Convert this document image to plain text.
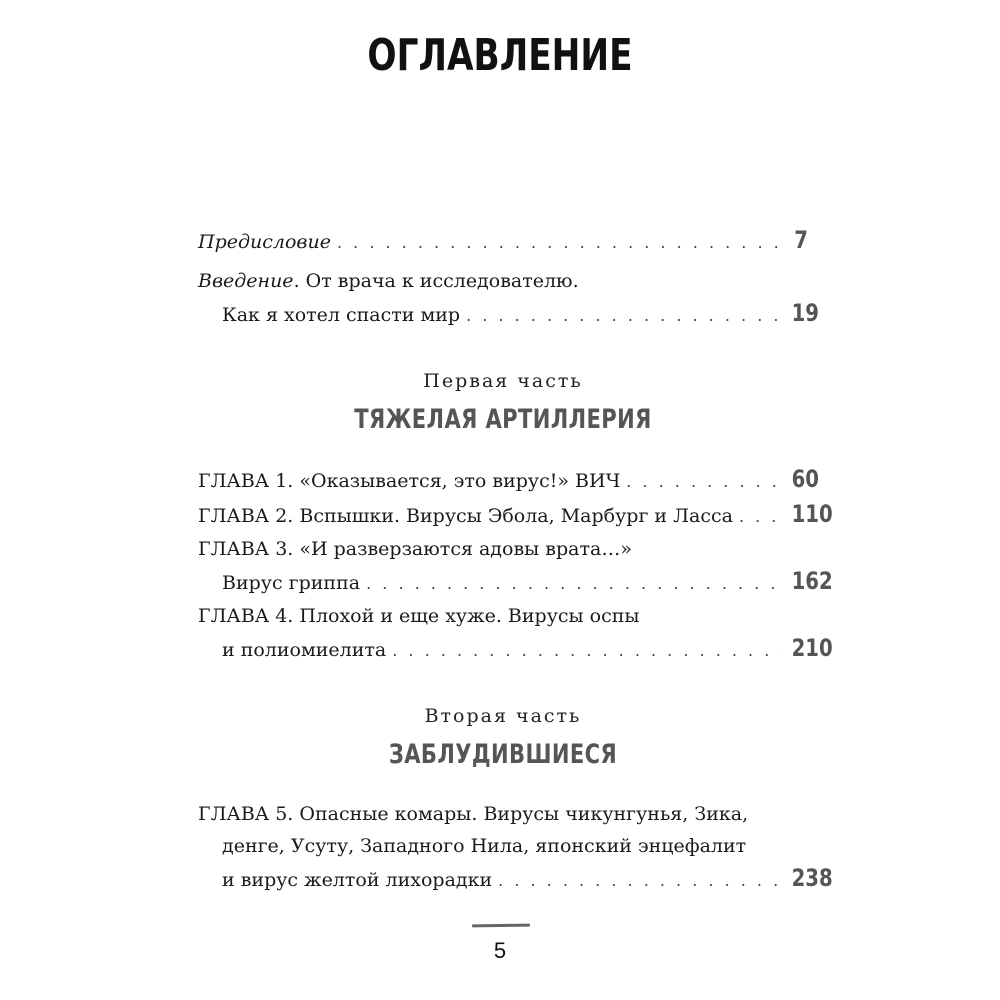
ОГЛАВЛЕНИЕ
Предисловие . . .	7
Введение. От врача к исследователю.
Как я хотел спасти мир . . .	19
Первая часть
ТЯЖЕЛАЯ АРТИЛЛЕРИЯ
ГЛАВА 1. «Оказывается, это вирус!» ВИЧ . . .	60
ГЛАВА 2. Вспышки. Вирусы Эбола, Марбург и Ласса . . . 110
ГЛАВА 3. «И разверзаются адовы врата…»
Вирус гриппа . . .	162
ГЛАВА 4. Плохой и еще хуже. Вирусы оспы
и полиомиелита . . .	210
Вторая часть
ЗАБЛУДИВШИЕСЯ
ГЛАВА 5. Опасные комары. Вирусы чикунгунья, Зика,
денге, Усуту, Западного Нила, японский энцефалит
и вирус желтой лихорадки . . .	238
5
